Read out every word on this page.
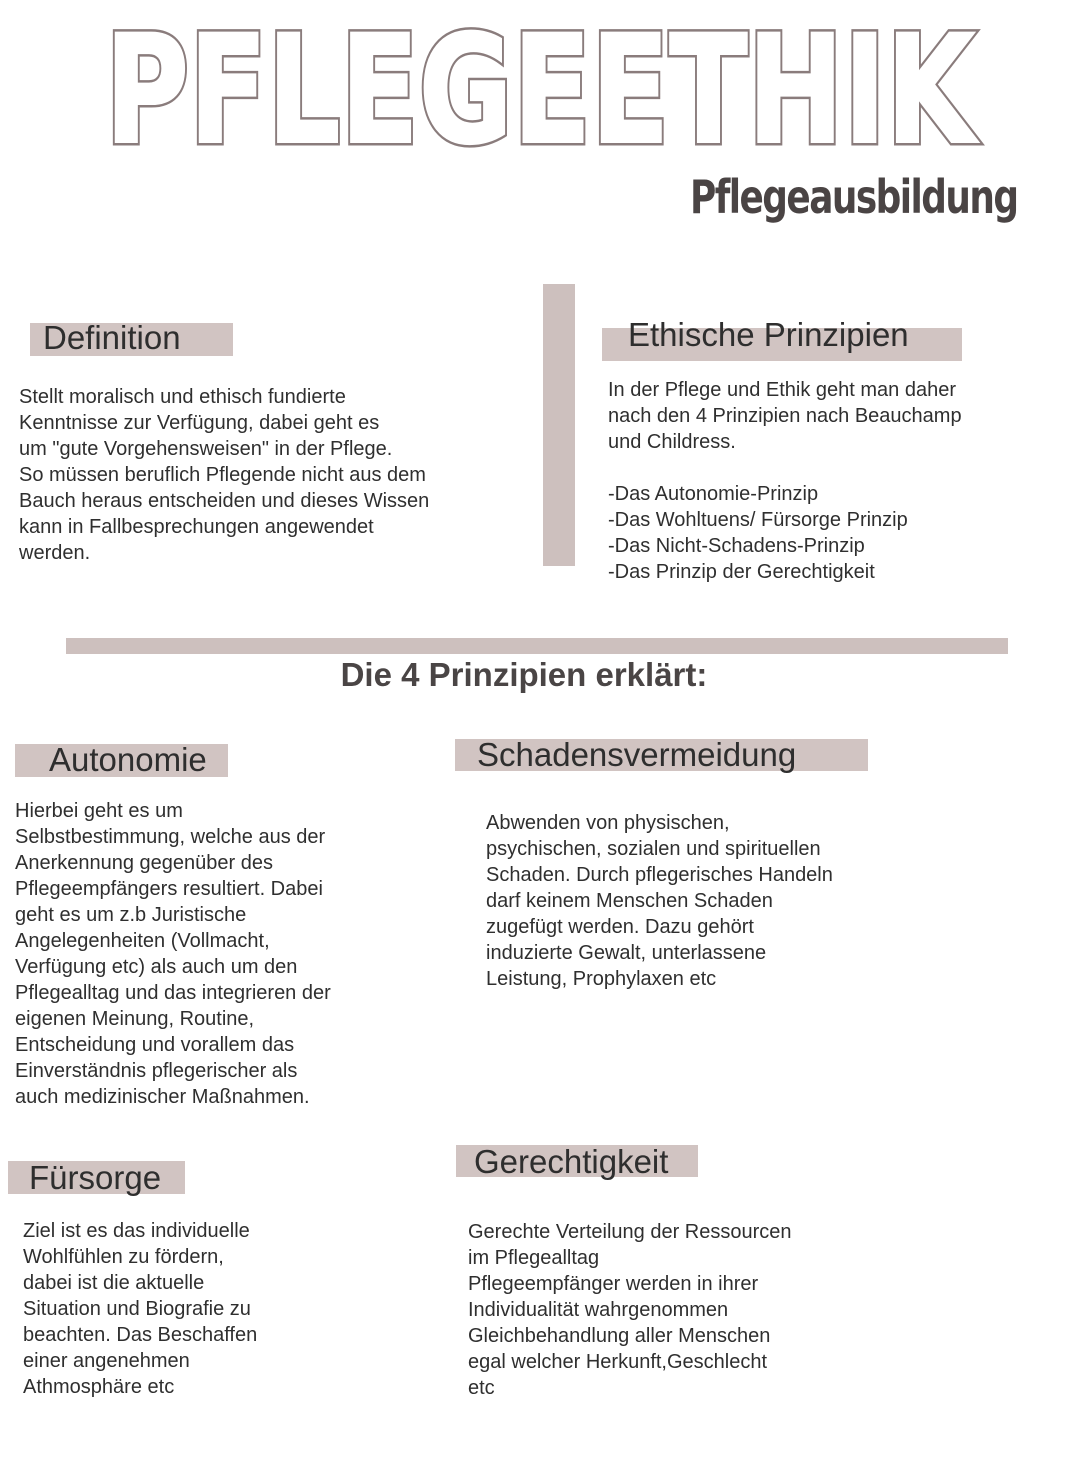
PFLEGEETHIK
PFLEGEETHIK
Pflegeausbildung
Definition
Stellt moralisch und ethisch fundierte
Kenntnisse zur Verfügung, dabei geht es
um "gute Vorgehensweisen" in der Pflege.
So müssen beruflich Pflegende nicht aus dem
Bauch heraus entscheiden und dieses Wissen
kann in Fallbesprechungen angewendet
werden.
Ethische Prinzipien
In der Pflege und Ethik geht man daher
nach den 4 Prinzipien nach Beauchamp
und Childress.

-Das Autonomie-Prinzip
-Das Wohltuens/ Fürsorge Prinzip
-Das Nicht-Schadens-Prinzip
-Das Prinzip der Gerechtigkeit
Die 4 Prinzipien erklärt:
Autonomie
Hierbei geht es um
Selbstbestimmung, welche aus der
Anerkennung gegenüber des
Pflegeempfängers resultiert. Dabei
geht es um z.b Juristische
Angelegenheiten (Vollmacht,
Verfügung etc) als auch um den
Pflegealltag und das integrieren der
eigenen Meinung, Routine,
Entscheidung und vorallem das
Einverständnis pflegerischer als
auch medizinischer Maßnahmen.
Schadensvermeidung
Abwenden von physischen,
psychischen, sozialen und spirituellen
Schaden. Durch pflegerisches Handeln
darf keinem Menschen Schaden
zugefügt werden. Dazu gehört
induzierte Gewalt, unterlassene
Leistung, Prophylaxen etc
Fürsorge
Ziel ist es das individuelle
Wohlfühlen zu fördern,
dabei ist die aktuelle
Situation und Biografie zu
beachten. Das Beschaffen
einer angenehmen
Athmosphäre etc
Gerechtigkeit
Gerechte Verteilung der Ressourcen
im Pflegealltag
Pflegeempfänger werden in ihrer
Individualität wahrgenommen
Gleichbehandlung aller Menschen
egal welcher Herkunft,Geschlecht
etc
